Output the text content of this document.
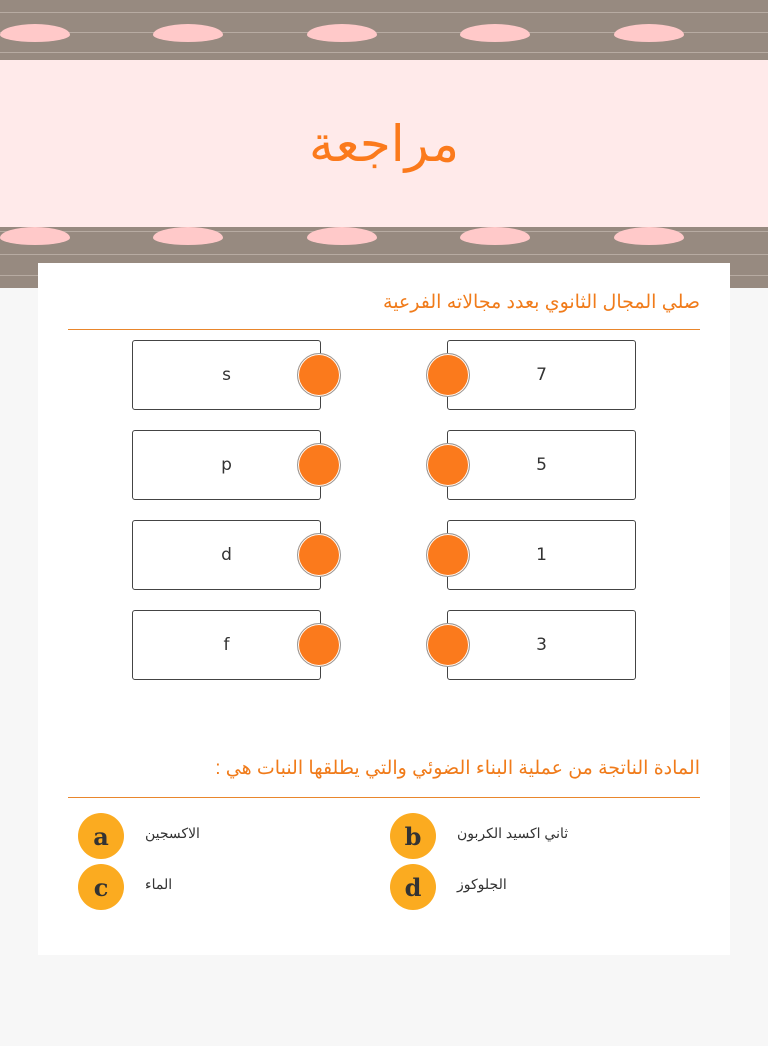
مراجعة
صلي المجال الثانوي بعدد مجالاته الفرعية
s	7
p	5
d	1
f	3
المادة الناتجة من عملية البناء الضوئي والتي يطلقها النبات هي :
a	الاكسجين	b	ثاني اكسيد الكربون
c	الماء	d	الجلوكوز
